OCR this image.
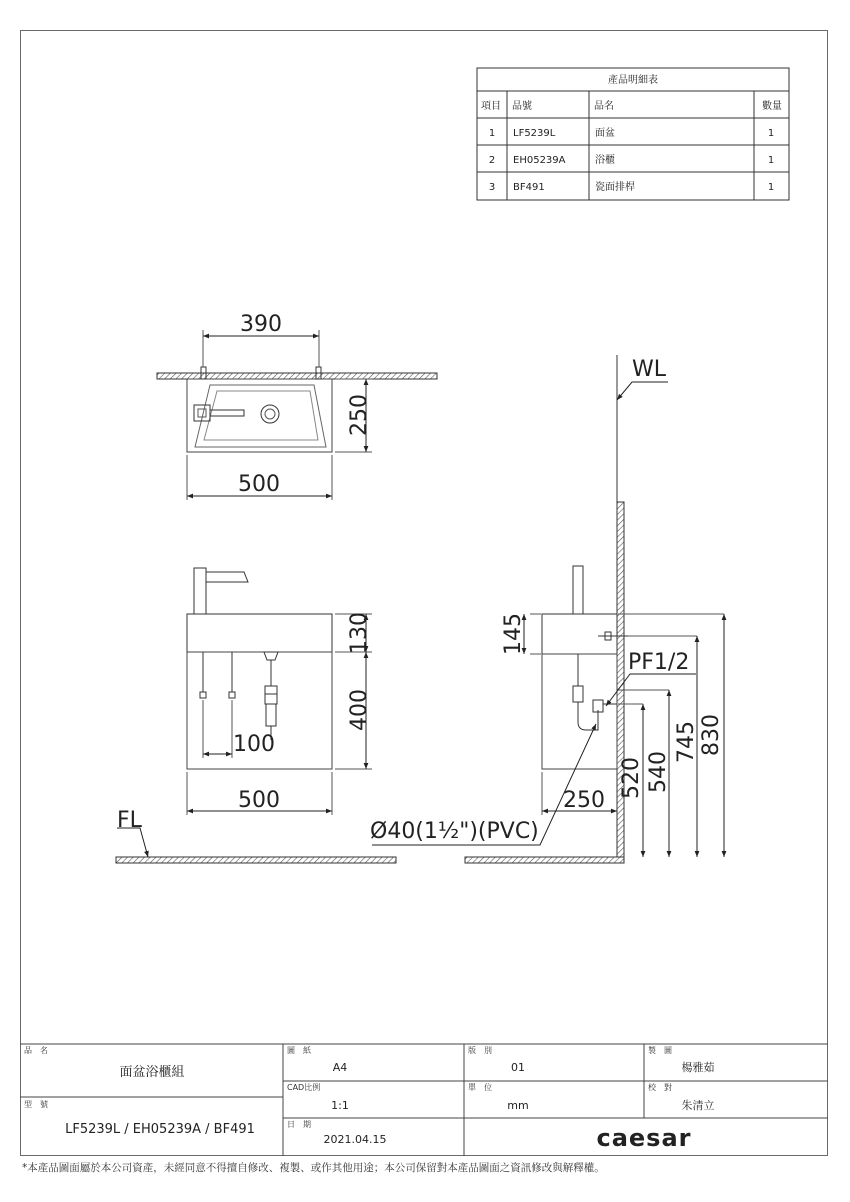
產品明細表
項目 品號	品名	數量
1 LF5239L	面盆	1
2 EH05239A	浴櫃	1
3 BF491	瓷面排桿	1
390
250
500
130
400
100
500
145
250
520 540
745 830
WL
PF1/2
Ø40(1½")(PVC)
FL
品　名
面盆浴櫃組
型　號
LF5239L / EH05239A / BF491
圖　紙
A4
CAD比例
1:1
日　期
2021.04.15
版　別
01
單　位
mm
製　圖
楊雅茹
校　對
朱清立
caesar
*本產品圖面屬於本公司資產，未經同意不得擅自修改、複製、或作其他用途；本公司保留對本產品圖面之資訊修改與解釋權。
